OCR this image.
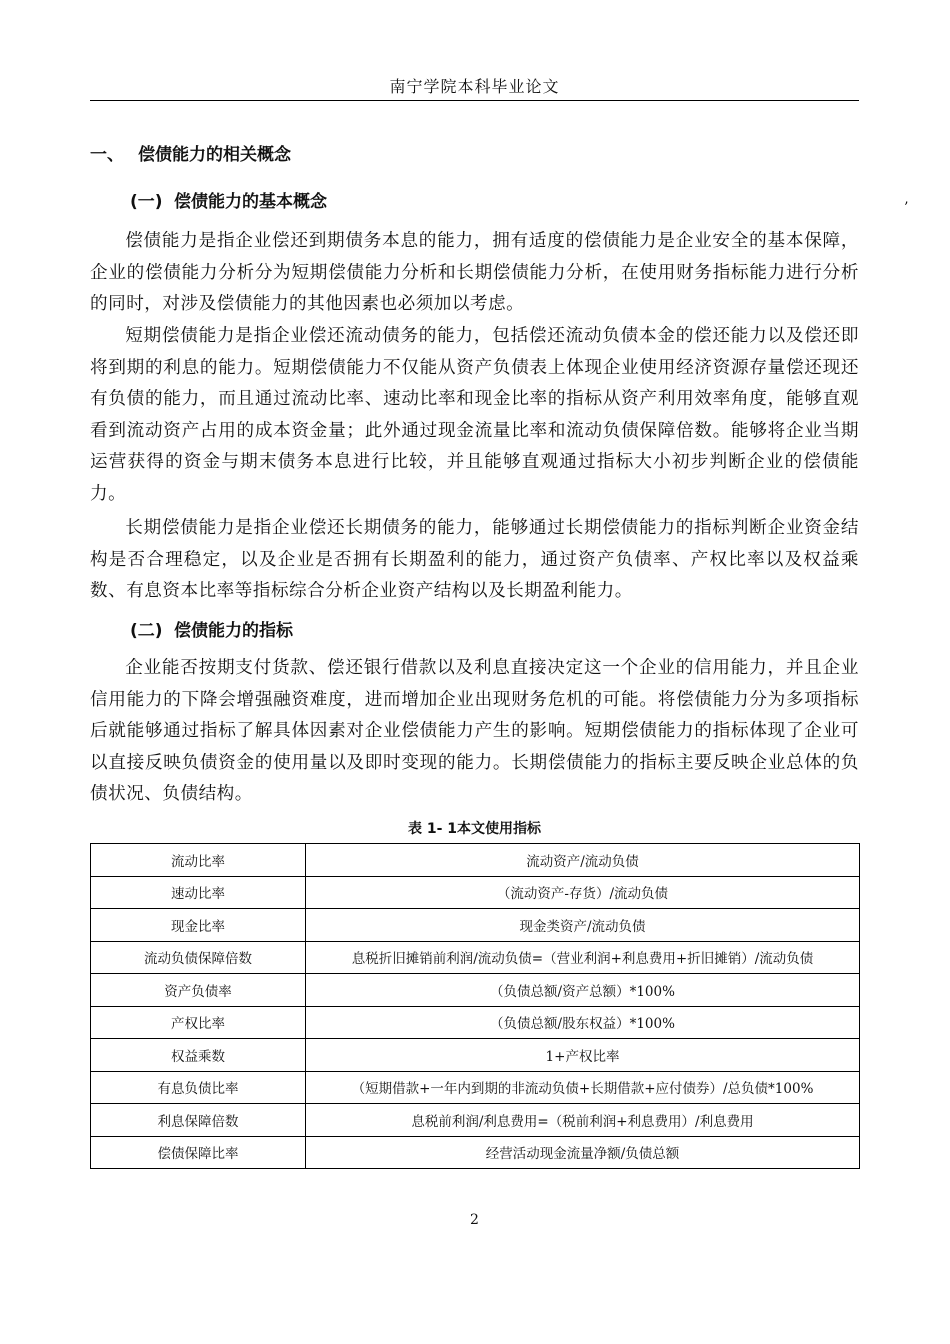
南宁学院本科毕业论文
’
一、 偿债能力的相关概念
(一) 偿债能力的基本概念
偿债能力是指企业偿还到期债务本息的能力，拥有适度的偿债能力是企业安全的基本保障，企业的偿债能力分析分为短期偿债能力分析和长期偿债能力分析，在使用财务指标能力进行分析的同时，对涉及偿债能力的其他因素也必须加以考虑。
短期偿债能力是指企业偿还流动债务的能力，包括偿还流动负债本金的偿还能力以及偿还即将到期的利息的能力。短期偿债能力不仅能从资产负债表上体现企业使用经济资源存量偿还现还有负债的能力，而且通过流动比率、速动比率和现金比率的指标从资产利用效率角度，能够直观看到流动资产占用的成本资金量；此外通过现金流量比率和流动负债保障倍数。能够将企业当期运营获得的资金与期末债务本息进行比较，并且能够直观通过指标大小初步判断企业的偿债能力。
长期偿债能力是指企业偿还长期债务的能力，能够通过长期偿债能力的指标判断企业资金结构是否合理稳定，以及企业是否拥有长期盈利的能力，通过资产负债率、产权比率以及权益乘数、有息资本比率等指标综合分析企业资产结构以及长期盈利能力。
(二) 偿债能力的指标
企业能否按期支付货款、偿还银行借款以及利息直接决定这一个企业的信用能力，并且企业信用能力的下降会增强融资难度，进而增加企业出现财务危机的可能。将偿债能力分为多项指标后就能够通过指标了解具体因素对企业偿债能力产生的影响。短期偿债能力的指标体现了企业可以直接反映负债资金的使用量以及即时变现的能力。长期偿债能力的指标主要反映企业总体的负债状况、负债结构。
表 1- 1本文使用指标
流动比率	流动资产/流动负债
速动比率	（流动资产-存货）/流动负债
现金比率	现金类资产/流动负债
流动负债保障倍数	息税折旧摊销前利润/流动负债=（营业利润+利息费用+折旧摊销）/流动负债
资产负债率	（负债总额/资产总额）*100%
产权比率	（负债总额/股东权益）*100%
权益乘数	1+产权比率
有息负债比率	（短期借款+一年内到期的非流动负债+长期借款+应付债券）/总负债*100%
利息保障倍数	息税前利润/利息费用=（税前利润+利息费用）/利息费用
偿债保障比率	经营活动现金流量净额/负债总额
2
